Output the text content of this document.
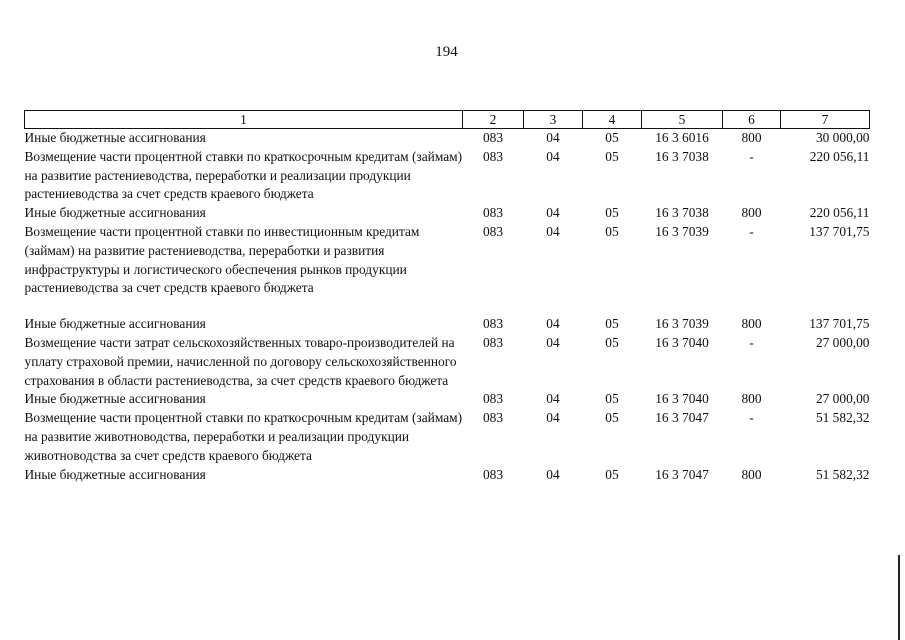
194
1	2	3	4	5	6	7
Иные бюджетные ассигнования	083	04	05	16 3 6016	800	30 000,00
Возмещение части процентной ставки по краткосрочным кредитам (займам) на развитие растениеводства, переработки и реализации продукции растениеводства за счет средств краевого бюджета	083	04	05	16 3 7038	-	220 056,11
Иные бюджетные ассигнования	083	04	05	16 3 7038	800	220 056,11
Возмещение части процентной ставки по инвестиционным кредитам (займам) на развитие растениеводства, переработки и развития инфраструктуры и логистического обеспечения рынков продукции растениеводства за счет средств краевого бюджета	083	04	05	16 3 7039	-	137 701,75
Иные бюджетные ассигнования	083	04	05	16 3 7039	800	137 701,75
Возмещение части затрат сельскохозяйственных товаро-производителей на уплату страховой премии, начисленной по договору сельскохозяйственного страхования в области растениеводства, за счет средств краевого бюджета	083	04	05	16 3 7040	-	27 000,00
Иные бюджетные ассигнования	083	04	05	16 3 7040	800	27 000,00
Возмещение части процентной ставки по краткосрочным кредитам (займам) на развитие животноводства, переработки и реализации продукции животноводства за счет средств краевого бюджета	083	04	05	16 3 7047	-	51 582,32
Иные бюджетные ассигнования	083	04	05	16 3 7047	800	51 582,32
